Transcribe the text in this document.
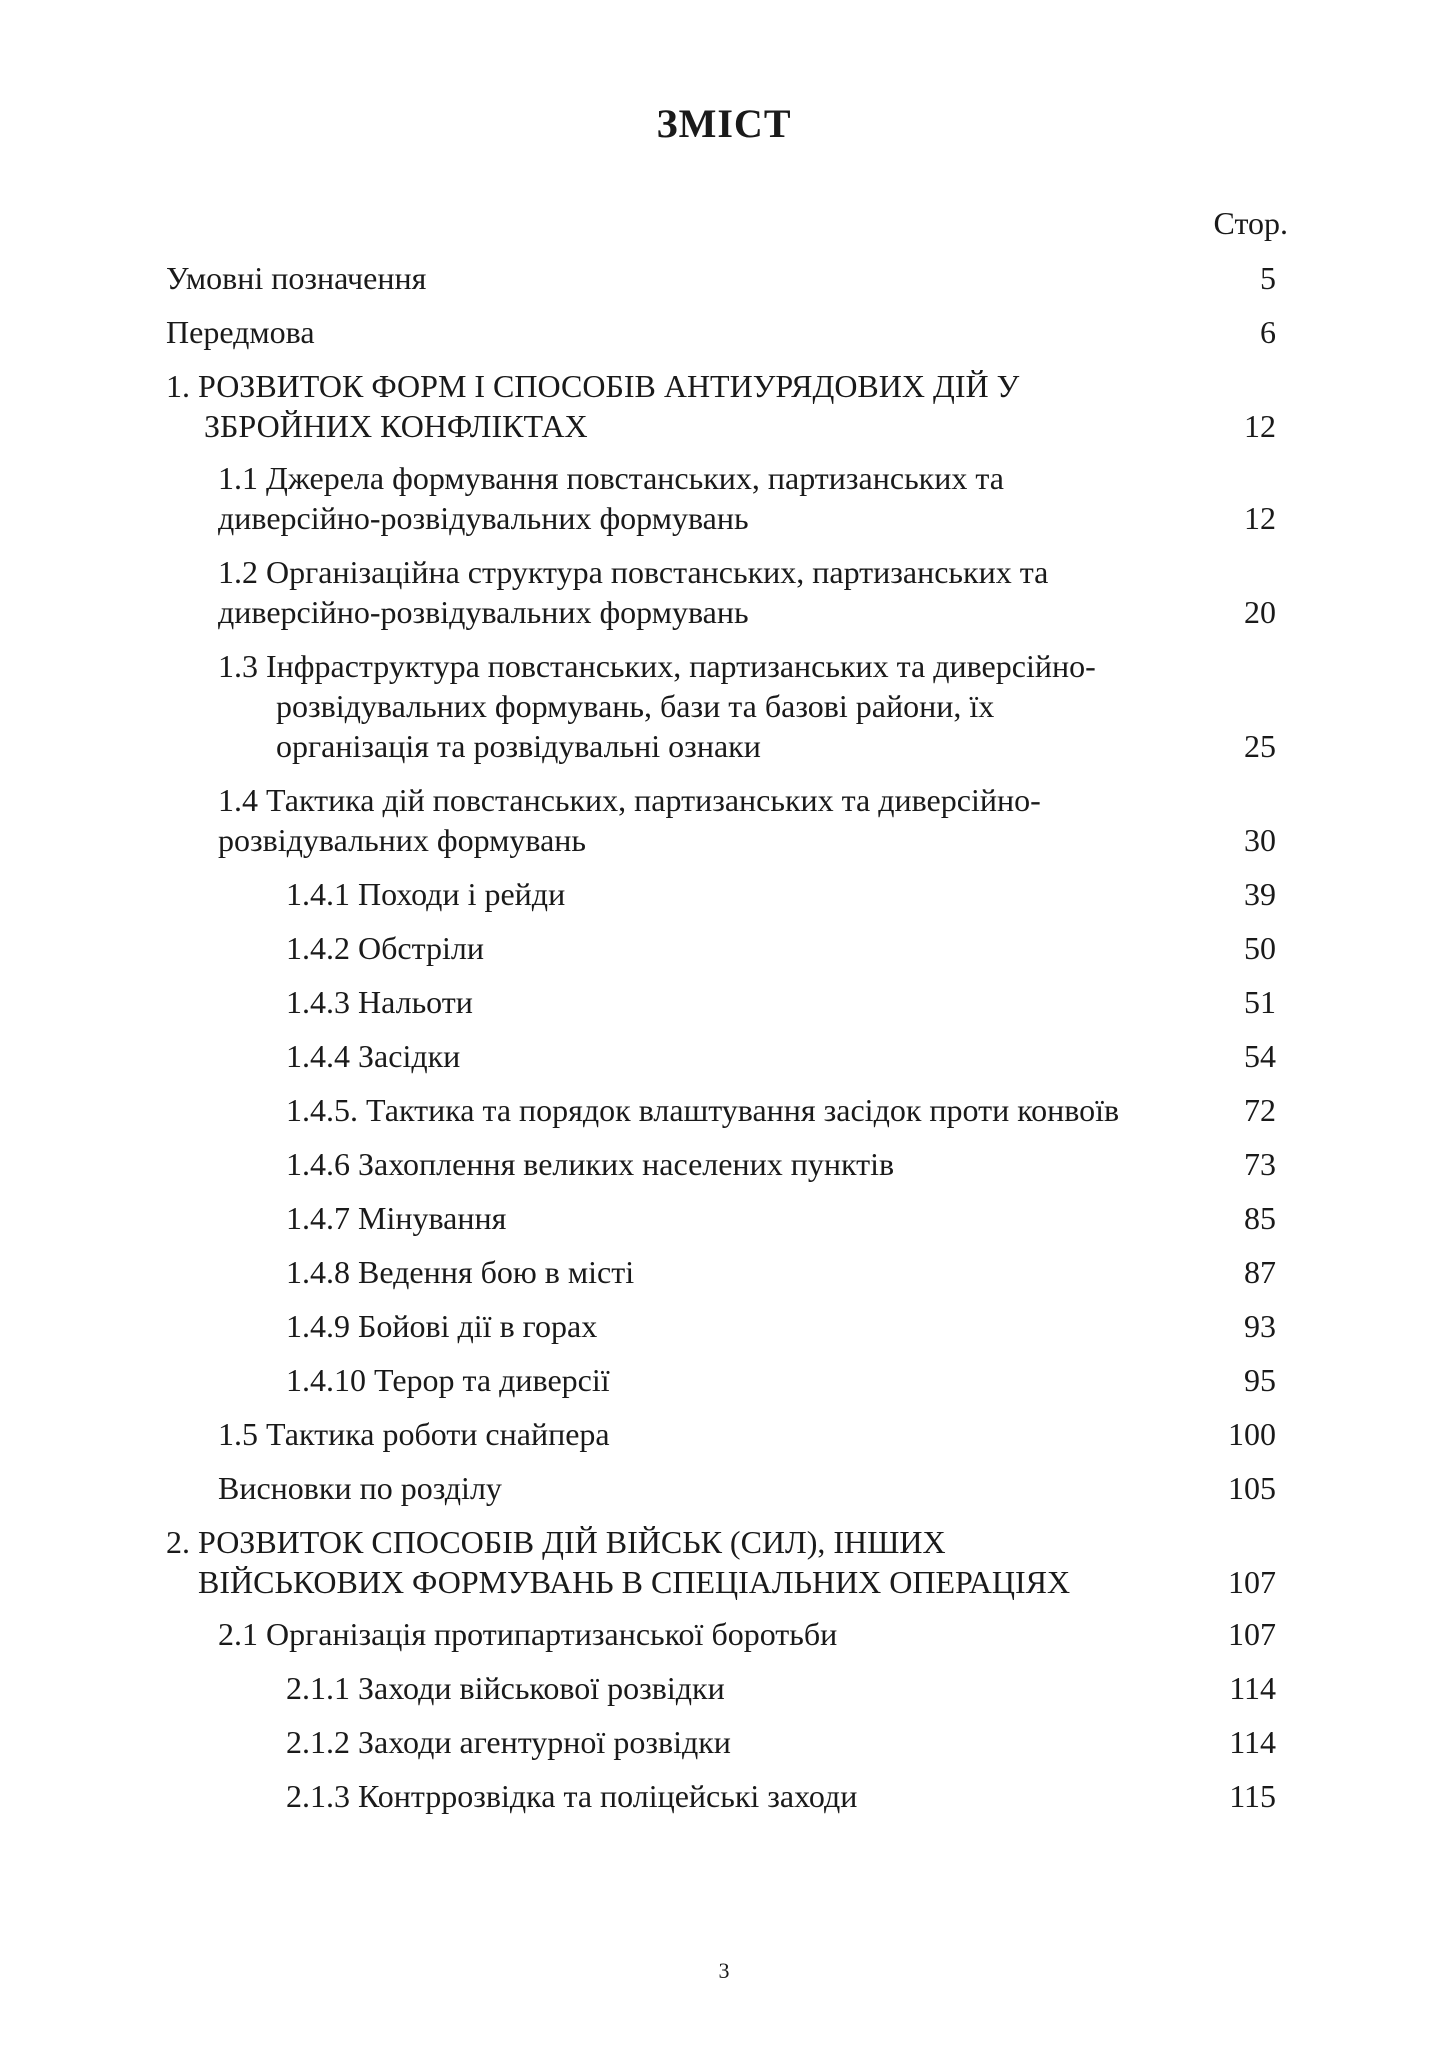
ЗМІСТ
Стор.
Умовні позначення	5
Передмова	6
1. РОЗВИТОК ФОРМ І СПОСОБІВ АНТИУРЯДОВИХ ДІЙ У
ЗБРОЙНИХ КОНФЛІКТАХ	12
1.1 Джерела формування повстанських, партизанських та
диверсійно-розвідувальних формувань	12
1.2 Організаційна структура повстанських, партизанських та
диверсійно-розвідувальних формувань	20
1.3 Інфраструктура повстанських, партизанських та диверсійно-
розвідувальних формувань, бази та базові райони, їх
організація та розвідувальні ознаки	25
1.4 Тактика дій повстанських, партизанських та диверсійно-
розвідувальних формувань	30
1.4.1 Походи і рейди	39
1.4.2 Обстріли	50
1.4.3 Нальоти	51
1.4.4 Засідки	54
1.4.5. Тактика та порядок влаштування засідок проти конвоїв	72
1.4.6 Захоплення великих населених пунктів	73
1.4.7 Мінування	85
1.4.8 Ведення бою в місті	87
1.4.9 Бойові дії в горах	93
1.4.10 Терор та диверсії	95
1.5 Тактика роботи снайпера	100
Висновки по розділу	105
2. РОЗВИТОК СПОСОБІВ ДІЙ ВІЙСЬК (СИЛ), ІНШИХ
ВІЙСЬКОВИХ ФОРМУВАНЬ В СПЕЦІАЛЬНИХ ОПЕРАЦІЯХ	107
2.1 Організація протипартизанської боротьби	107
2.1.1 Заходи військової розвідки	114
2.1.2 Заходи агентурної розвідки	114
2.1.3 Контррозвідка та поліцейські заходи	115
3
